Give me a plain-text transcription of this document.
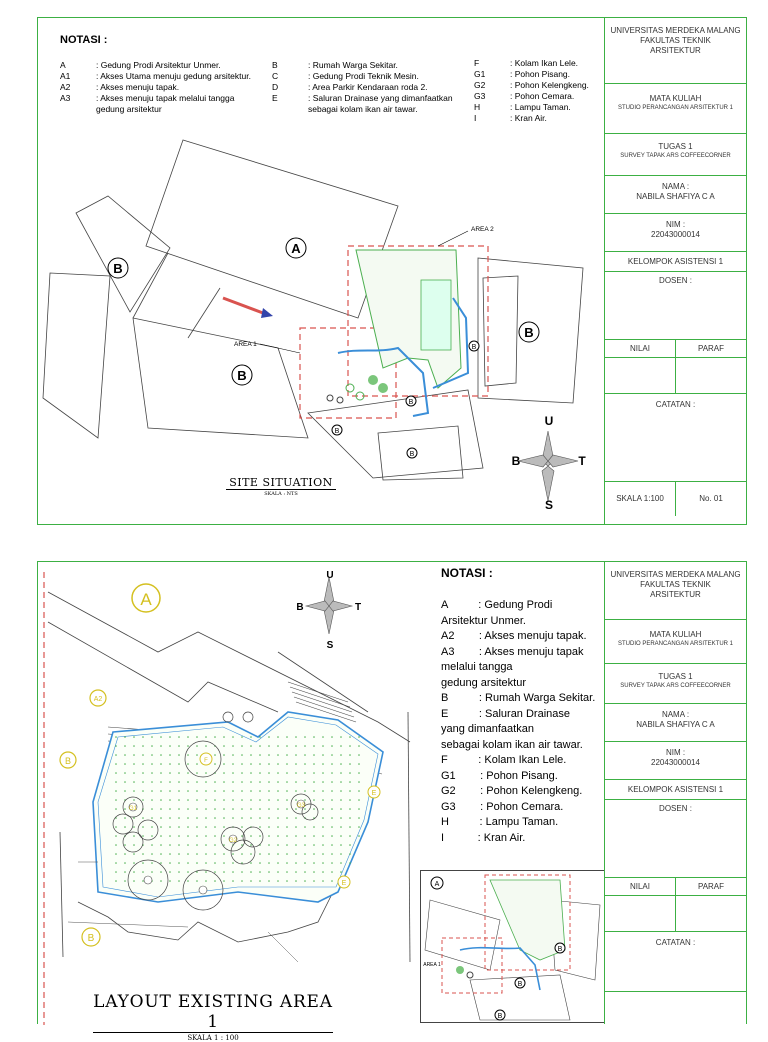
NOTASI :
A	: Gedung Prodi Arsitektur Unmer.
A1	: Akses Utama menuju gedung arsitektur.
A2	: Akses menuju tapak.
A3	: Akses menuju tapak melalui tangga
gedung arsitektur
B	: Rumah Warga Sekitar.
C	: Gedung Prodi Teknik Mesin.
D	: Area Parkir Kendaraan roda 2.
E	: Saluran Drainase yang dimanfaatkan
sebagai kolam ikan air tawar.
F	: Kolam Ikan Lele.
G1	: Pohon Pisang.
G2	: Pohon Kelengkeng.
G3	: Pohon Cemara.
H	: Lampu Taman.
I	: Kran Air.
A
B
B
B
B
B
B
B
AREA 2
AREA 1
U
S
B	T
SITE SITUATION
SKALA : NTS
UNIVERSITAS MERDEKA MALANG
FAKULTAS TEKNIK
ARSITEKTUR
MATA KULIAH
STUDIO PERANCANGAN ARSITEKTUR 1
TUGAS 1
SURVEY TAPAK ARS COFFEECORNER
NAMA :
NABILA SHAFIYA C A
NIM :
22043000014
KELOMPOK ASISTENSI 1
DOSEN :
NILAI	PARAF
CATATAN :
SKALA 1:100	No. 01
A
A2
B
B
E
E
F
G1
G2
G3
U
S
B	T
NOTASI :
A          : Gedung Prodi
Arsitektur Unmer.
A2        : Akses menuju tapak.
A3        : Akses menuju tapak
melalui tangga
gedung arsitektur
B          : Rumah Warga Sekitar.
E          : Saluran Drainase
yang dimanfaatkan
sebagai kolam ikan air tawar.
F          : Kolam Ikan Lele.
G1        : Pohon Pisang.
G2        : Pohon Kelengkeng.
G3        : Pohon Cemara.
H          : Lampu Taman.
I           : Kran Air.
A
B
B
B
AREA 1
LAYOUT EXISTING AREA 1
SKALA 1 : 100
UNIVERSITAS MERDEKA MALANG
FAKULTAS TEKNIK
ARSITEKTUR
MATA KULIAH
STUDIO PERANCANGAN ARSITEKTUR 1
TUGAS 1
SURVEY TAPAK ARS COFFEECORNER
NAMA :
NABILA SHAFIYA C A
NIM :
22043000014
KELOMPOK ASISTENSI 1
DOSEN :
NILAI	PARAF
CATATAN :
